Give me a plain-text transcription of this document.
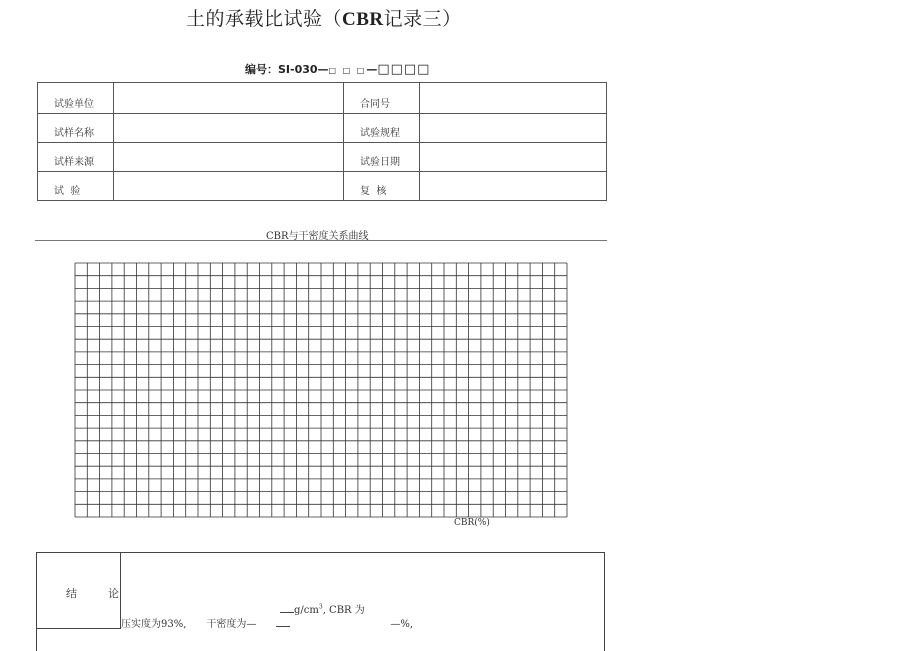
土的承载比试验（CBR记录三）
编号：SI-030—□ □ □—□□□□
试验单位		合同号	
试样名称		试验规程	
试样来源		试验日期	
试  验		复  核	
CBR与干密度关系曲线
CBR(%)
结  论
$g/cm^3$, CBR 为
压实度为93%, 干密度为—	—%,
